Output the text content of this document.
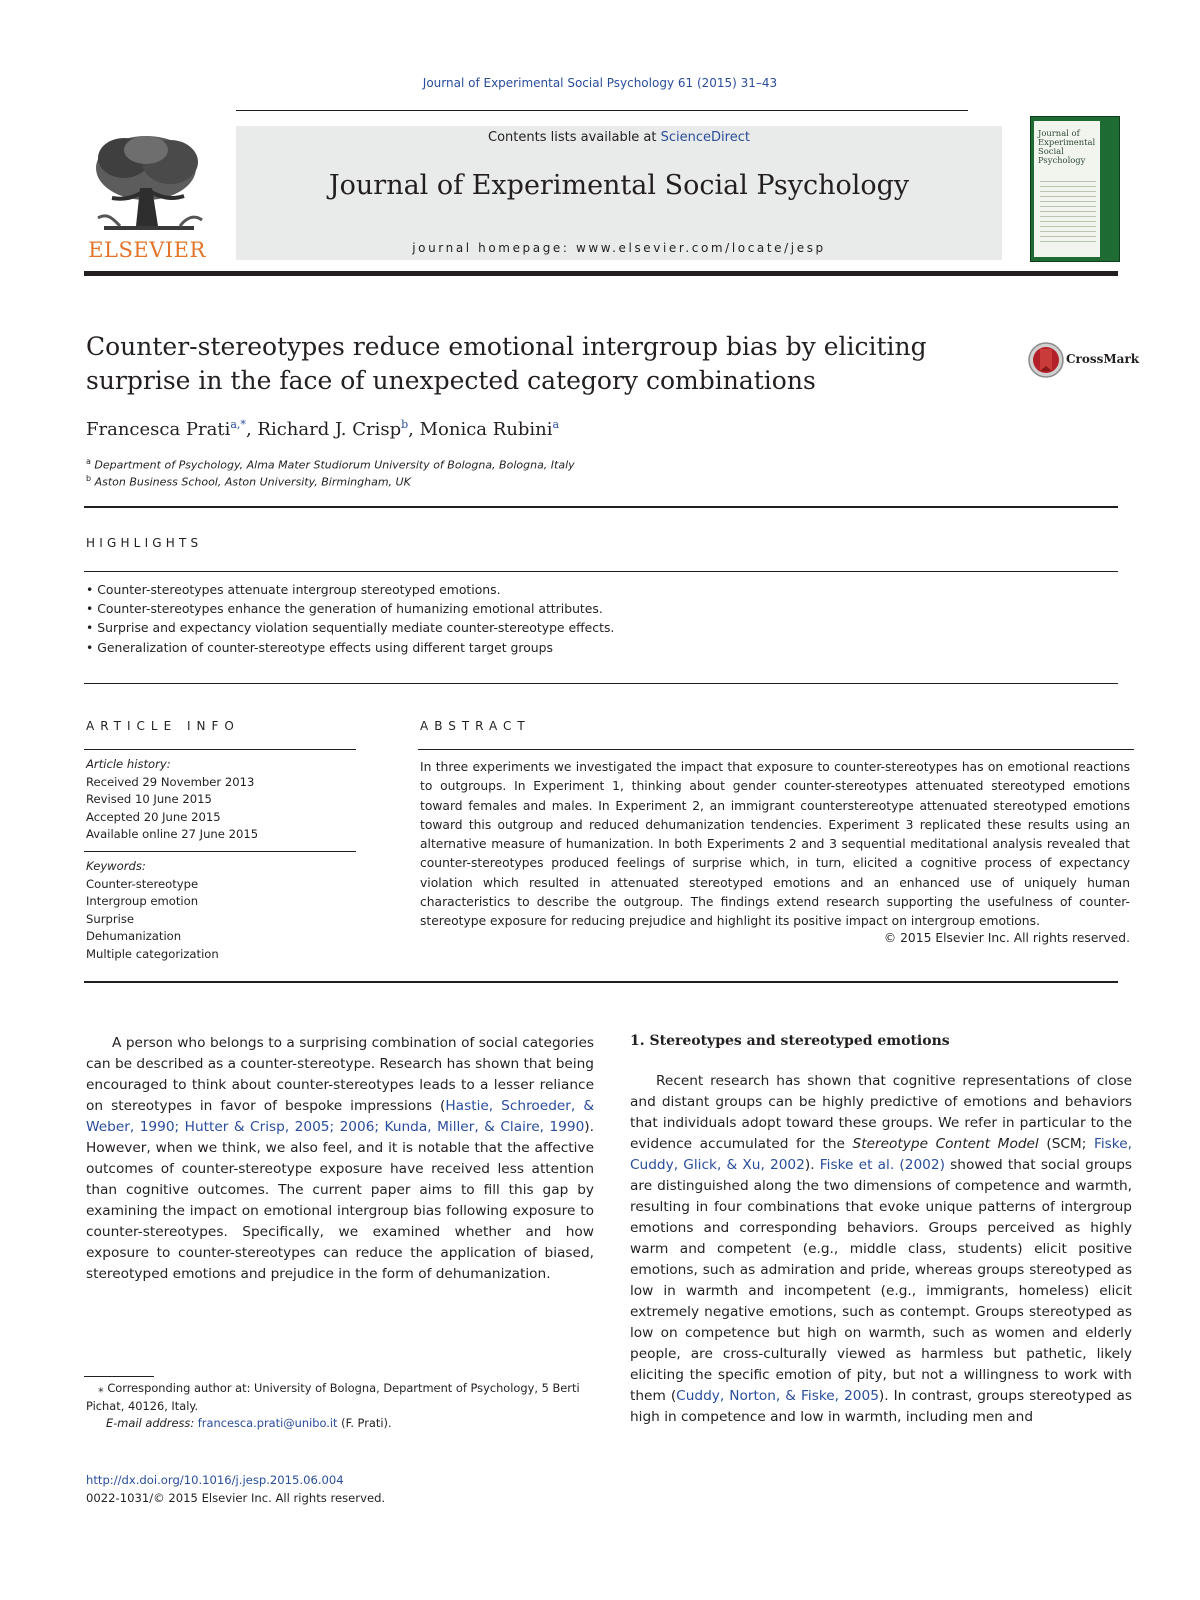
Journal of Experimental Social Psychology 61 (2015) 31–43
Contents lists available at ScienceDirect
Journal of Experimental Social Psychology
journal homepage: www.elsevier.com/locate/jesp
ELSEVIER
Journal of Experimental Social Psychology
Counter-stereotypes reduce emotional intergroup bias by eliciting surprise in the face of unexpected category combinations
CrossMark
Francesca Prati$^{a,*}$, Richard J. Crisp$^b$, Monica Rubini$^a$
$^a$ Department of Psychology, Alma Mater Studiorum University of Bologna, Bologna, Italy
$^b$ Aston Business School, Aston University, Birmingham, UK
HIGHLIGHTS
• Counter-stereotypes attenuate intergroup stereotyped emotions.
• Counter-stereotypes enhance the generation of humanizing emotional attributes.
• Surprise and expectancy violation sequentially mediate counter-stereotype effects.
• Generalization of counter-stereotype effects using different target groups
ARTICLE INFO
Article history:
Received 29 November 2013
Revised 10 June 2015
Accepted 20 June 2015
Available online 27 June 2015
Keywords:
Counter-stereotype
Intergroup emotion
Surprise
Dehumanization
Multiple categorization
ABSTRACT
In three experiments we investigated the impact that exposure to counter-stereotypes has on emotional reactions to outgroups. In Experiment 1, thinking about gender counter-stereotypes attenuated stereotyped emotions toward females and males. In Experiment 2, an immigrant counterstereotype attenuated stereotyped emotions toward this outgroup and reduced dehumanization tendencies. Experiment 3 replicated these results using an alternative measure of humanization. In both Experiments 2 and 3 sequential meditational analysis revealed that counter-stereotypes produced feelings of surprise which, in turn, elicited a cognitive process of expectancy violation which resulted in attenuated stereotyped emotions and an enhanced use of uniquely human characteristics to describe the outgroup. The findings extend research supporting the usefulness of counter-stereotype exposure for reducing prejudice and highlight its positive impact on intergroup emotions.
© 2015 Elsevier Inc. All rights reserved.
A person who belongs to a surprising combination of social categories can be described as a counter-stereotype. Research has shown that being encouraged to think about counter-stereotypes leads to a lesser reliance on stereotypes in favor of bespoke impressions (Hastie, Schroeder, & Weber, 1990; Hutter & Crisp, 2005; 2006; Kunda, Miller, & Claire, 1990). However, when we think, we also feel, and it is notable that the affective outcomes of counter-stereotype exposure have received less attention than cognitive outcomes. The current paper aims to fill this gap by examining the impact on emotional intergroup bias following exposure to counter-stereotypes. Specifically, we examined whether and how exposure to counter-stereotypes can reduce the application of biased, stereotyped emotions and prejudice in the form of dehumanization.
1. Stereotypes and stereotyped emotions
Recent research has shown that cognitive representations of close and distant groups can be highly predictive of emotions and behaviors that individuals adopt toward these groups. We refer in particular to the evidence accumulated for the Stereotype Content Model (SCM; Fiske, Cuddy, Glick, & Xu, 2002). Fiske et al. (2002) showed that social groups are distinguished along the two dimensions of competence and warmth, resulting in four combinations that evoke unique patterns of intergroup emotions and corresponding behaviors. Groups perceived as highly warm and competent (e.g., middle class, students) elicit positive emotions, such as admiration and pride, whereas groups stereotyped as low in warmth and incompetent (e.g., immigrants, homeless) elicit extremely negative emotions, such as contempt. Groups stereotyped as low on competence but high on warmth, such as women and elderly people, are cross-culturally viewed as harmless but pathetic, likely eliciting the specific emotion of pity, but not a willingness to work with them (Cuddy, Norton, & Fiske, 2005). In contrast, groups stereotyped as high in competence and low in warmth, including men and
⁎ Corresponding author at: University of Bologna, Department of Psychology, 5 Berti Pichat, 40126, Italy.
E-mail address: francesca.prati@unibo.it (F. Prati).
http://dx.doi.org/10.1016/j.jesp.2015.06.004
0022-1031/© 2015 Elsevier Inc. All rights reserved.
